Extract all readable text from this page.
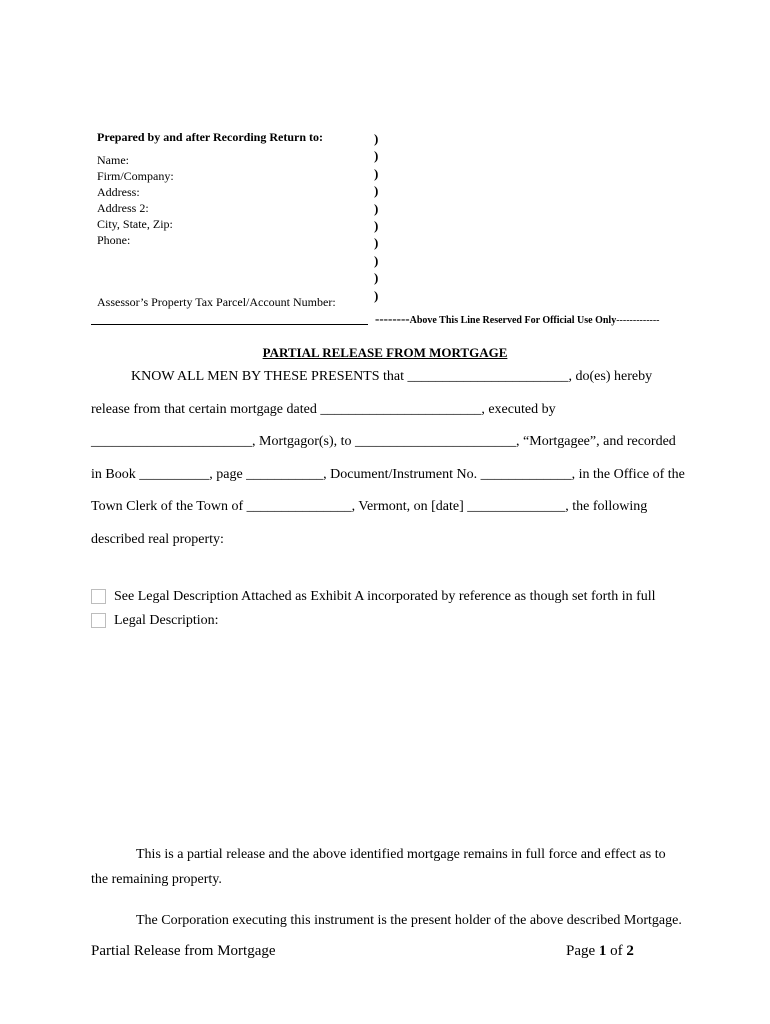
Prepared by and after Recording Return to:
Name:
Firm/Company:
Address:
Address 2:
City, State, Zip:
Phone:
Assessor’s Property Tax Parcel/Account Number:
)
)
)
)
)
)
)
)
)
)
--------Above This Line Reserved For Official Use Only-------------
PARTIAL RELEASE FROM MORTGAGE
KNOW ALL MEN BY THESE PRESENTS that _______________________, do(es) hereby
release from that certain mortgage dated _______________________, executed by
_______________________, Mortgagor(s), to _______________________, “Mortgagee”, and recorded
in Book __________, page ___________, Document/Instrument No. _____________, in the Office of the
Town Clerk of the Town of _______________, Vermont, on [date] ______________, the following
described real property:
See Legal Description Attached as Exhibit A incorporated by reference as though set forth in full
Legal Description:
This is a partial release and the above identified mortgage remains in full force and effect as to
the remaining property.
The Corporation executing this instrument is the present holder of the above described Mortgage.
Partial Release from Mortgage	Page 1 of 2
